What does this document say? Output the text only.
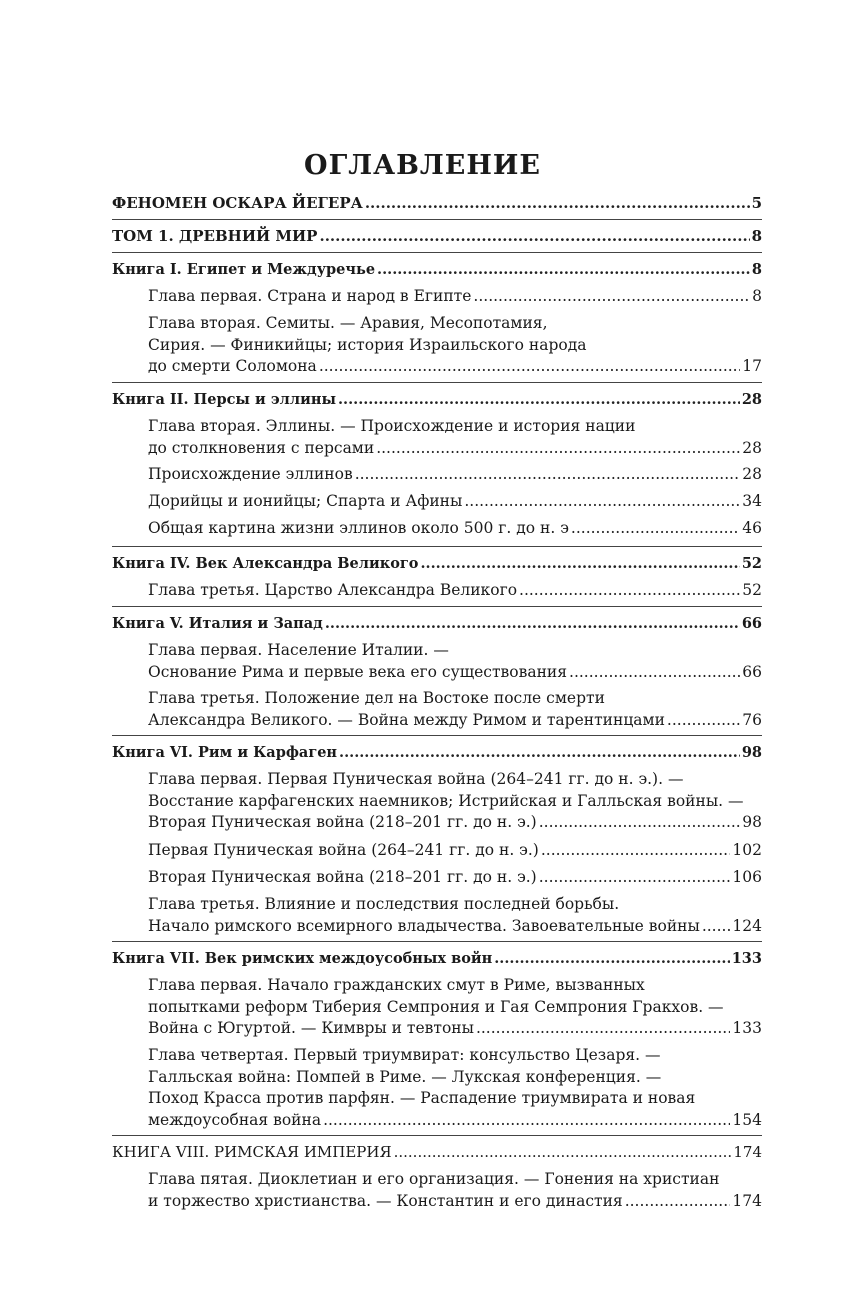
ОГЛАВЛЕНИЕ
ФЕНОМЕН ОСКАРА ЙЕГЕРА .....	5
ТОМ 1. ДРЕВНИЙ МИР .....	8
Книга I. Египет и Междуречье .....	8
Глава первая. Страна и народ в Египте .....	8
Глава вторая. Семиты. — Аравия, Месопотамия,
Сирия. — Финикийцы; история Израильского народа
до смерти Соломона .....	17
Книга II. Персы и эллины .....	28
Глава вторая. Эллины. — Происхождение и история нации
до столкновения с персами .....	28
Происхождение эллинов .....	28
Дорийцы и ионийцы; Спарта и Афины .....	34
Общая картина жизни эллинов около 500 г. до н. э .....	46
Книга IV. Век Александра Великого .....	52
Глава третья. Царство Александра Великого .....	52
Книга V. Италия и Запад .....	66
Глава первая. Население Италии. —
Основание Рима и первые века его существования .....	66
Глава третья. Положение дел на Востоке после смерти
Александра Великого. — Война между Римом и тарентинцами .....	76
Книга VI. Рим и Карфаген .....	98
Глава первая. Первая Пуническая война (264–241 гг. до н. э.). —
Восстание карфагенских наемников; Истрийская и Галльская войны. —
Вторая Пуническая война (218–201 гг. до н. э.) .....	98
Первая Пуническая война (264–241 гг. до н. э.) .....	102
Вторая Пуническая война (218–201 гг. до н. э.) .....	106
Глава третья. Влияние и последствия последней борьбы.
Начало римского всемирного владычества. Завоевательные войны ..... 124
Книга VII. Век римских междоусобных войн .....	133
Глава первая. Начало гражданских смут в Риме, вызванных
попытками реформ Тиберия Семпрония и Гая Семпрония Гракхов. —
Война с Югуртой. — Кимвры и тевтоны .....	133
Глава четвертая. Первый триумвират: консульство Цезаря. —
Галльская война: Помпей в Риме. — Лукская конференция. —
Поход Красса против парфян. — Распадение триумвирата и новая
междоусобная война .....	154
КНИГА VIII. РИМСКАЯ ИМПЕРИЯ .....	174
Глава пятая. Диоклетиан и его организация. — Гонения на христиан
и торжество христианства. — Константин и его династия .....	174
